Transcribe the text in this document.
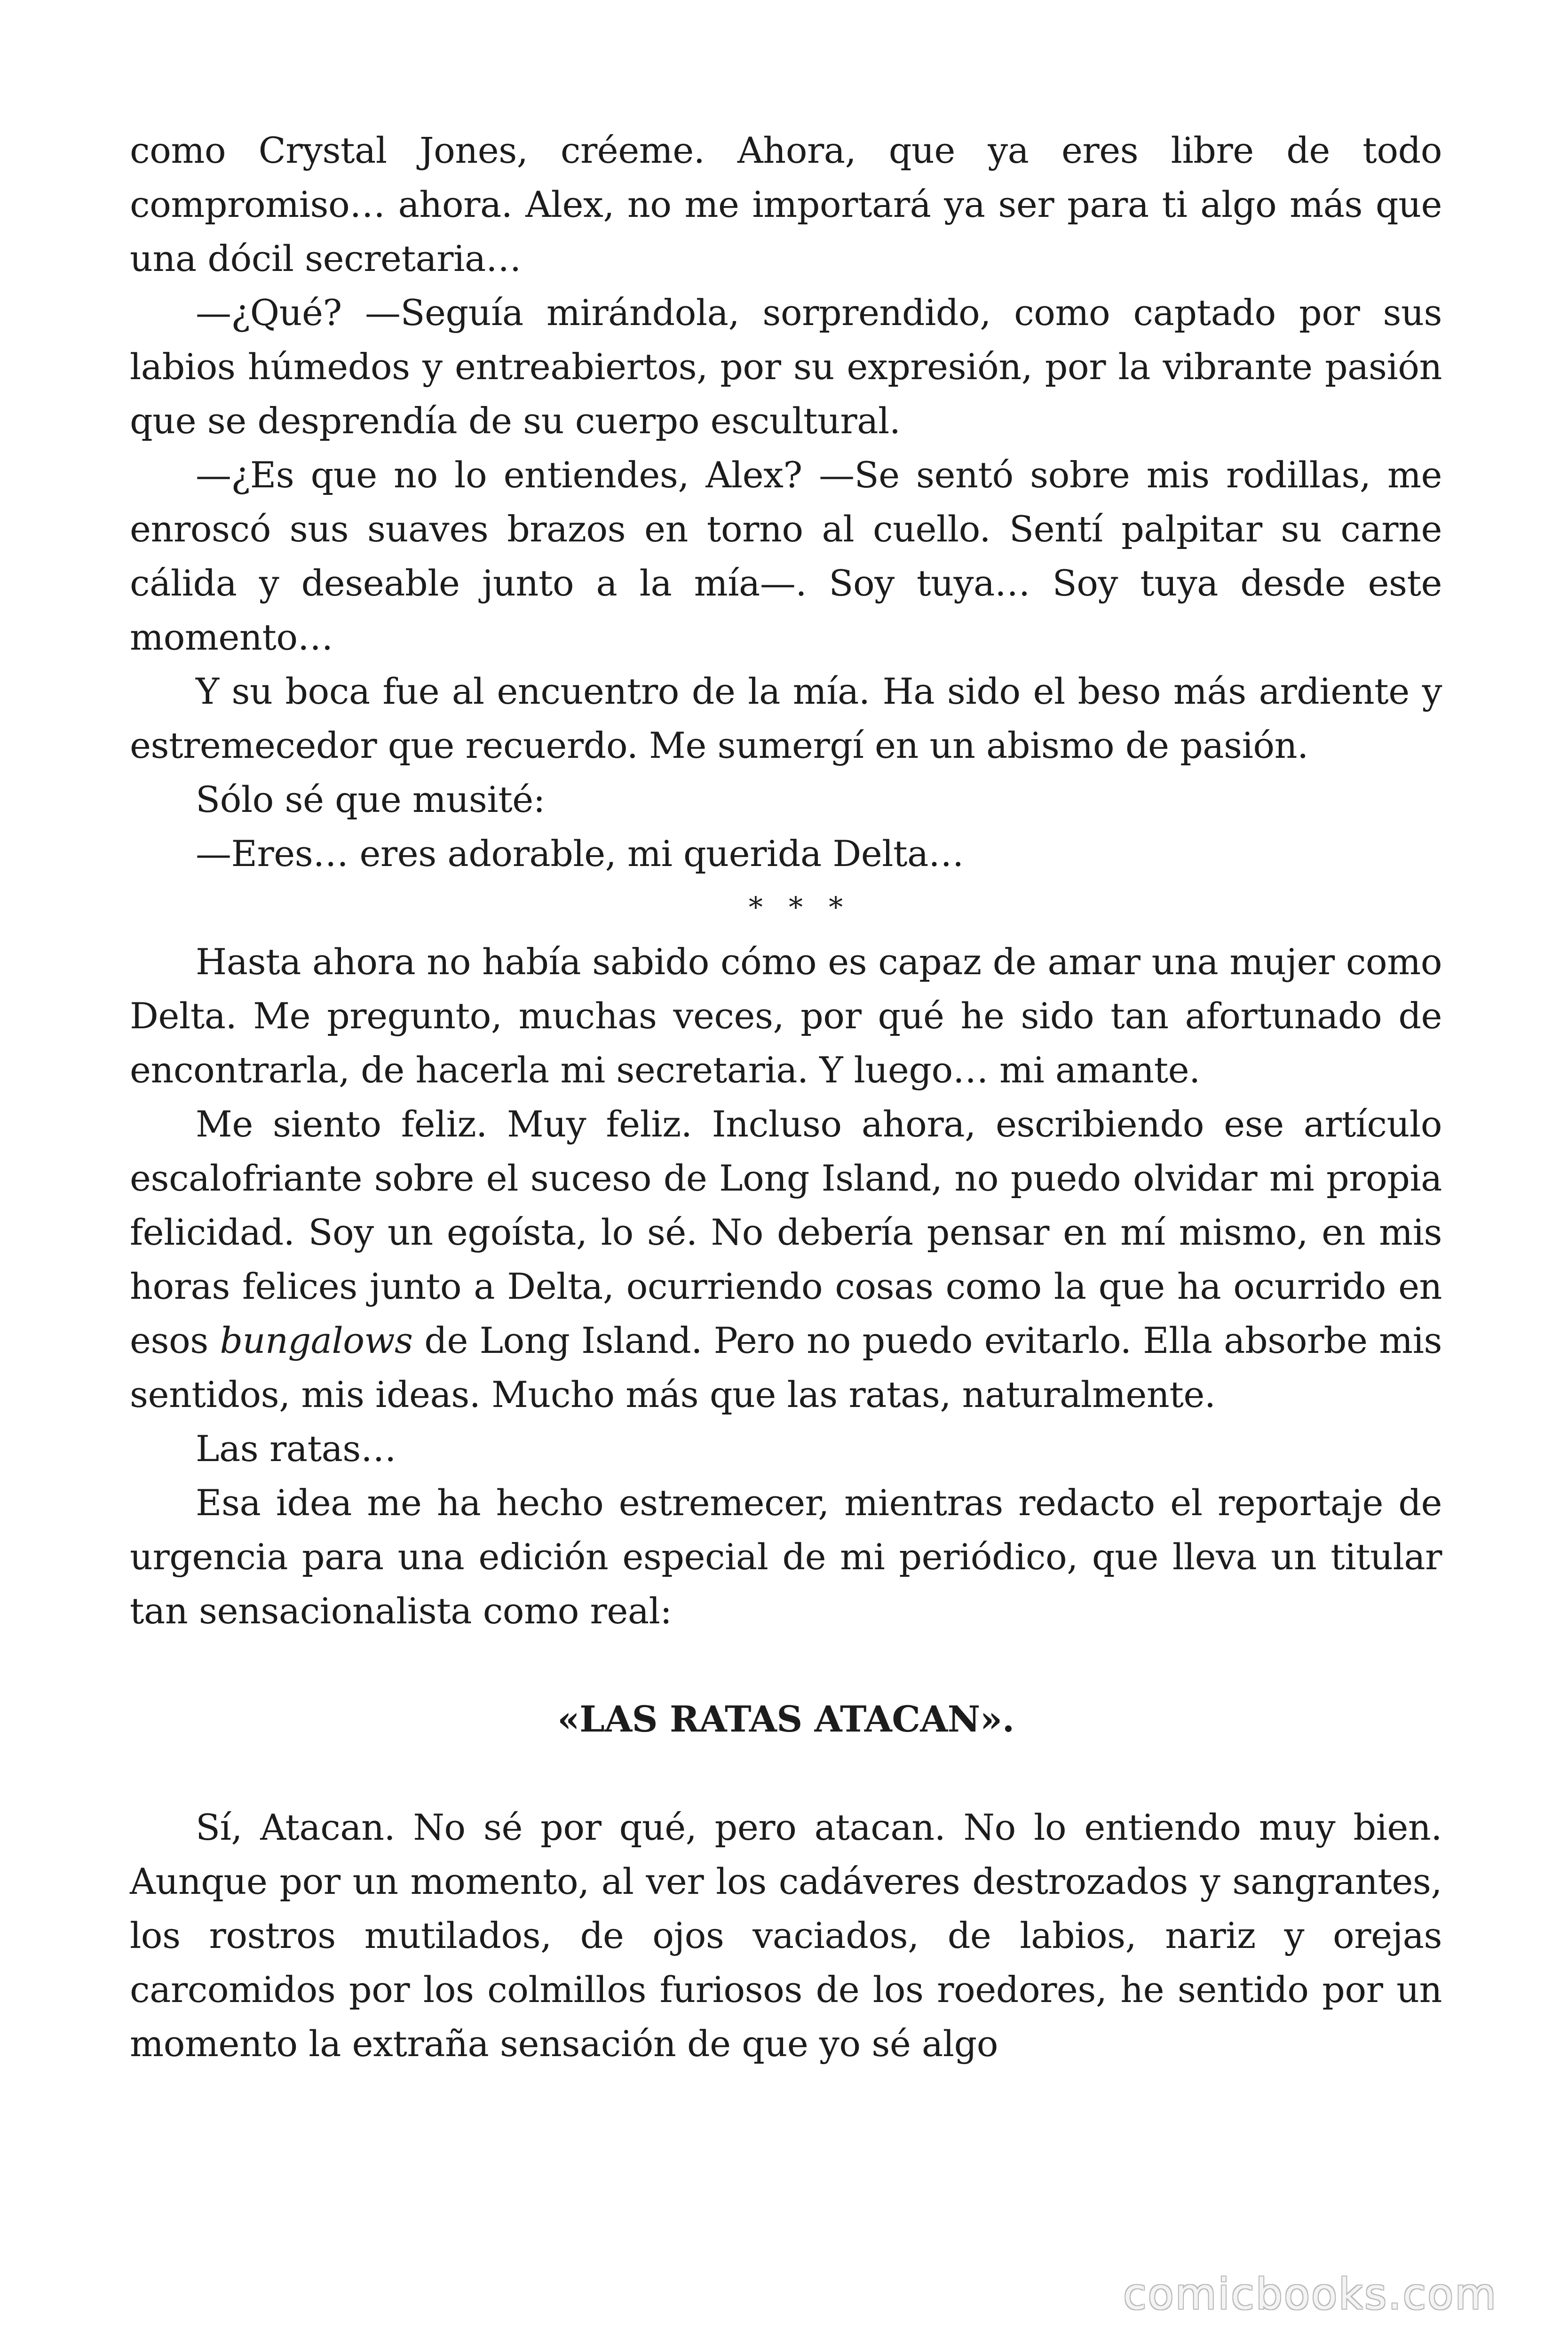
como Crystal Jones, créeme. Ahora, que ya eres libre de todo compromiso… ahora. Alex, no me importará ya ser para ti algo más que una dócil secretaria…

—¿Qué? —Seguía mirándola, sorprendido, como captado por sus labios húmedos y entreabiertos, por su expresión, por la vibrante pasión que se desprendía de su cuerpo escultural.

—¿Es que no lo entiendes, Alex? —Se sentó sobre mis rodillas, me enroscó sus suaves brazos en torno al cuello. Sentí palpitar su carne cálida y deseable junto a la mía—. Soy tuya… Soy tuya desde este momento…

Y su boca fue al encuentro de la mía. Ha sido el beso más ardiente y estremecedor que recuerdo. Me sumergí en un abismo de pasión.

Sólo sé que musité:

—Eres… eres adorable, mi querida Delta…

* * *

Hasta ahora no había sabido cómo es capaz de amar una mujer como Delta. Me pregunto, muchas veces, por qué he sido tan afortunado de encontrarla, de hacerla mi secretaria. Y luego… mi amante.

Me siento feliz. Muy feliz. Incluso ahora, escribiendo ese artículo escalofriante sobre el suceso de Long Island, no puedo olvidar mi propia felicidad. Soy un egoísta, lo sé. No debería pensar en mí mismo, en mis horas felices junto a Delta, ocurriendo cosas como la que ha ocurrido en esos bungalows de Long Island. Pero no puedo evitarlo. Ella absorbe mis sentidos, mis ideas. Mucho más que las ratas, naturalmente.

Las ratas…

Esa idea me ha hecho estremecer, mientras redacto el reportaje de urgencia para una edición especial de mi periódico, que lleva un titular tan sensacionalista como real:

«LAS RATAS ATACAN».

Sí, Atacan. No sé por qué, pero atacan. No lo entiendo muy bien. Aunque por un momento, al ver los cadáveres destrozados y sangrantes, los rostros mutilados, de ojos vaciados, de labios, nariz y orejas carcomidos por los colmillos furiosos de los roedores, he sentido por un momento la extraña sensación de que yo sé algo

comicbooks.com
